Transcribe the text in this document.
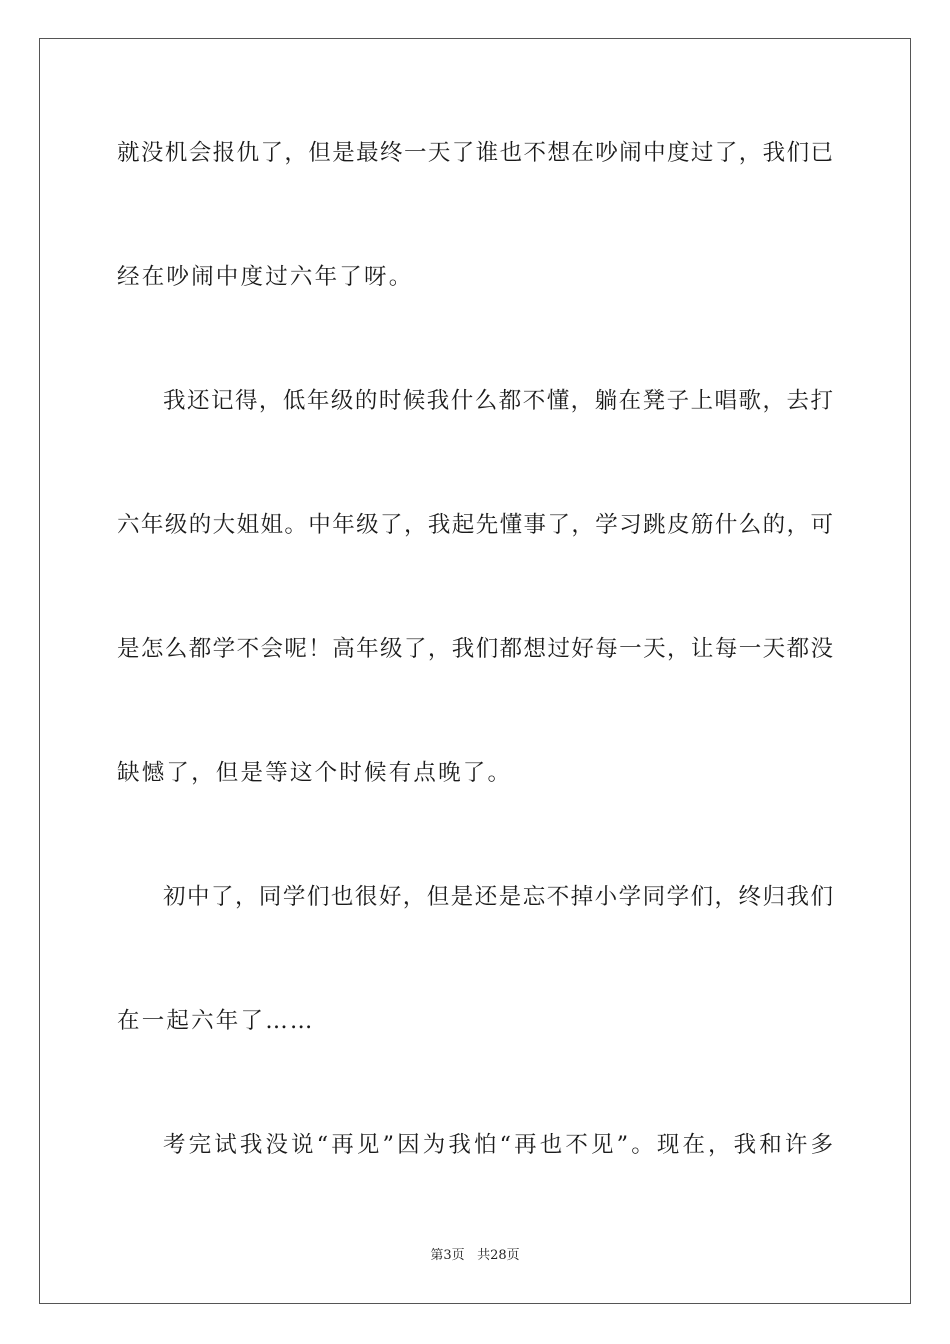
就没机会报仇了，但是最终一天了谁也不想在吵闹中度过了，我们已
经在吵闹中度过六年了呀。
我还记得，低年级的时候我什么都不懂，躺在凳子上唱歌，去打
六年级的大姐姐。中年级了，我起先懂事了，学习跳皮筋什么的，可
是怎么都学不会呢！高年级了，我们都想过好每一天，让每一天都没
缺憾了，但是等这个时候有点晚了。
初中了，同学们也很好，但是还是忘不掉小学同学们，终归我们
在一起六年了……
考完试我没说“再见”因为我怕“再也不见”。现在，我和许多
第3页 共28页
